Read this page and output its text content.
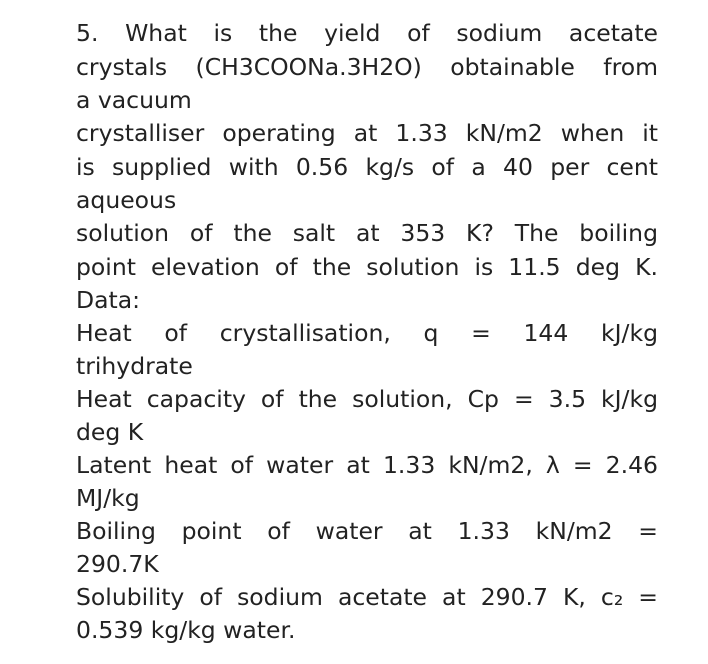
5. What is the yield of sodium acetate
crystals (CH3COONa.3H2O) obtainable from
a vacuum
crystalliser operating at 1.33 kN/m2 when it
is supplied with 0.56 kg/s of a 40 per cent
aqueous
solution of the salt at 353 K? The boiling
point elevation of the solution is 11.5 deg K.
Data:
Heat of crystallisation, q = 144 kJ/kg
trihydrate
Heat capacity of the solution, Cp = 3.5 kJ/kg
deg K
Latent heat of water at 1.33 kN/m2, λ = 2.46
MJ/kg
Boiling point of water at 1.33 kN/m2 =
290.7K
Solubility of sodium acetate at 290.7 K, c₂ =
0.539 kg/kg water.
